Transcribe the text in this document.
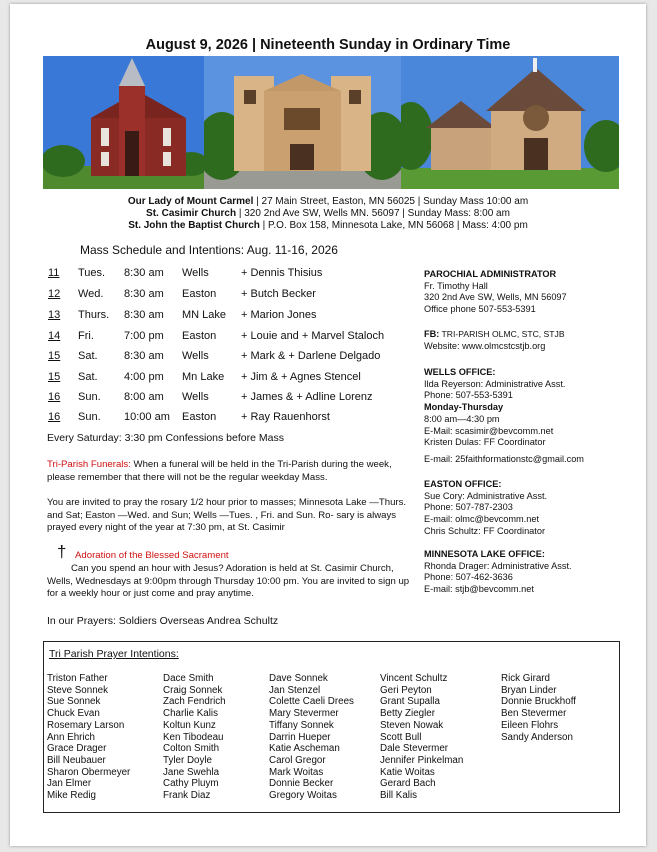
August 9, 2026 | Nineteenth Sunday in Ordinary Time
Our Lady of Mount Carmel | 27 Main Street, Easton, MN 56025 | Sunday Mass 10:00 am
St. Casimir Church | 320 2nd Ave SW, Wells MN. 56097 | Sunday Mass: 8:00 am
St. John the Baptist Church | P.O. Box 158, Minnesota Lake, MN 56068 | Mass: 4:00 pm
Mass Schedule and Intentions: Aug. 11-16, 2026
11 Tues. 8:30 am Wells	+ Dennis Thisius
12 Wed. 8:30 am Easton + Butch Becker
13 Thurs. 8:30 am MN Lake + Marion Jones
14 Fri.	7:00 pm Easton + Louie and + Marvel Staloch
15 Sat. 8:30 am Wells	+ Mark & + Darlene Delgado
15 Sat. 4:00 pm Mn Lake + Jim & + Agnes Stencel
16 Sun. 8:00 am Wells	+ James & + Adline Lorenz
16 Sun. 10:00 am Easton + Ray Rauenhorst
Every Saturday: 3:30 pm Confessions before Mass
Tri-Parish Funerals: When a funeral will be held in the Tri-Parish during the week, please remember that there will not be the regular weekday Mass.
You are invited to pray the rosary 1/2 hour prior to masses; Minnesota Lake —Thurs. and Sat; Easton —Wed. and Sun; Wells —Tues. , Fri. and Sun. Ro- sary is always prayed every night of the year at 7:30 pm, at St. Casimir
† Adoration of the Blessed Sacrament
Can you spend an hour with Jesus? Adoration is held at St. Casimir Church, Wells, Wednesdays at 9:00pm through Thursday 10:00 pm. You are invited to sign up for a weekly hour or just come and pray anytime.
In our Prayers: Soldiers Overseas Andrea Schultz
PAROCHIAL ADMINISTRATOR
Fr. Timothy Hall
320 2nd Ave SW, Wells, MN 56097
Office phone 507-553-5391
FB: TRI-PARISH OLMC, STC, STJB
Website: www.olmcstcstjb.org
WELLS OFFICE:
Ilda Reyerson: Administrative Asst.
Phone: 507-553-5391
Monday-Thursday
8:00 am—4:30 pm
E-Mail: scasimir@bevcomm.net
Kristen Dulas: FF Coordinator
E-mail: 25faithformationstc@gmail.com
EASTON OFFICE:
Sue Cory: Administrative Asst.
Phone: 507-787-2303
E-mail: olmc@bevcomm.net
Chris Schultz: FF Coordinator
MINNESOTA LAKE OFFICE:
Rhonda Drager: Administrative Asst.
Phone: 507-462-3636
E-mail: stjb@bevcomm.net
Tri Parish Prayer Intentions:
Triston Father
Steve Sonnek
Sue Sonnek
Chuck Evan
Rosemary Larson
Ann Ehrich
Grace Drager
Bill Neubauer
Sharon Obermeyer
Jan Elmer
Mike Redig
Dace Smith
Craig Sonnek
Zach Fendrich
Charlie Kalis
Koltun Kunz
Ken Tibodeau
Colton Smith
Tyler Doyle
Jane Swehla
Cathy Pluym
Frank Diaz
Dave Sonnek
Jan Stenzel
Colette Caeli Drees
Mary Stevermer
Tiffany Sonnek
Darrin Hueper
Katie Ascheman
Carol Gregor
Mark Woitas
Donnie Becker
Gregory Woitas
Vincent Schultz
Geri Peyton
Grant Supalla
Betty Ziegler
Steven Nowak
Scott Bull
Dale Stevermer
Jennifer Pinkelman
Katie Woitas
Gerard Bach
Bill Kalis
Rick Girard
Bryan Linder
Donnie Bruckhoff
Ben Stevermer
Eileen Flohrs
Sandy Anderson
